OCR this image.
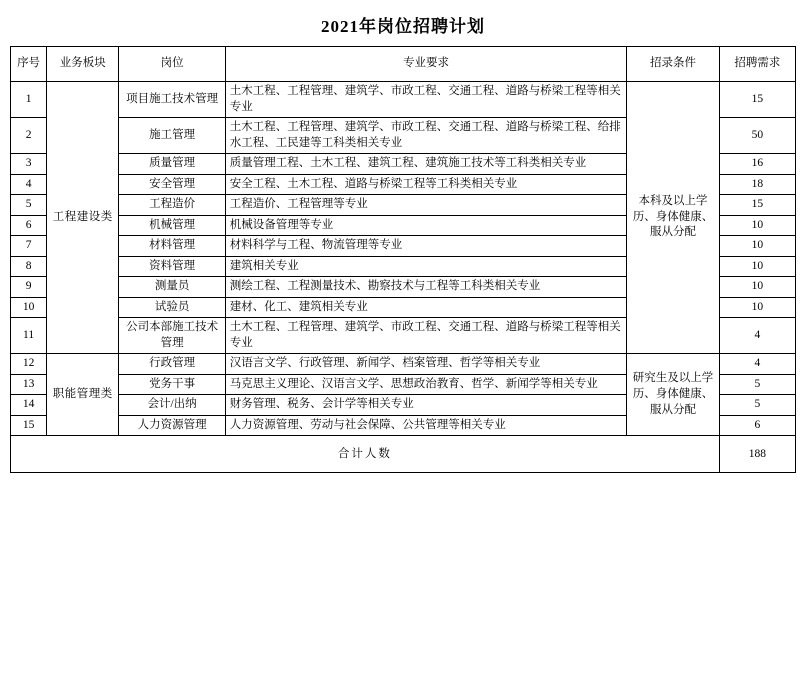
2021年岗位招聘计划
序号	业务板块	岗位	专业要求	招录条件	招聘需求
1	工程建设类	项目施工技术管理	土木工程、工程管理、建筑学、市政工程、交通工程、道路与桥梁工程等相关专业	本科及以上学历、身体健康、服从分配	15
2		施工管理	土木工程、工程管理、建筑学、市政工程、交通工程、道路与桥梁工程、给排水工程、工民建等工科类相关专业		50
3		质量管理	质量管理工程、土木工程、建筑工程、建筑施工技术等工科类相关专业		16
4		安全管理	安全工程、土木工程、道路与桥梁工程等工科类相关专业		18
5		工程造价	工程造价、工程管理等专业		15
6		机械管理	机械设备管理等专业		10
7		材料管理	材料科学与工程、物流管理等专业		10
8		资料管理	建筑相关专业		10
9		测量员	测绘工程、工程测量技术、勘察技术与工程等工科类相关专业		10
10		试验员	建材、化工、建筑相关专业		10
11		公司本部施工技术管理	土木工程、工程管理、建筑学、市政工程、交通工程、道路与桥梁工程等相关专业		4
12	职能管理类	行政管理	汉语言文学、行政管理、新闻学、档案管理、哲学等相关专业	研究生及以上学历、身体健康、服从分配	4
13		党务干事	马克思主义理论、汉语言文学、思想政治教育、哲学、新闻学等相关专业		5
14		会计/出纳	财务管理、税务、会计学等相关专业		5
15		人力资源管理	人力资源管理、劳动与社会保障、公共管理等相关专业		6
合计人数					188
